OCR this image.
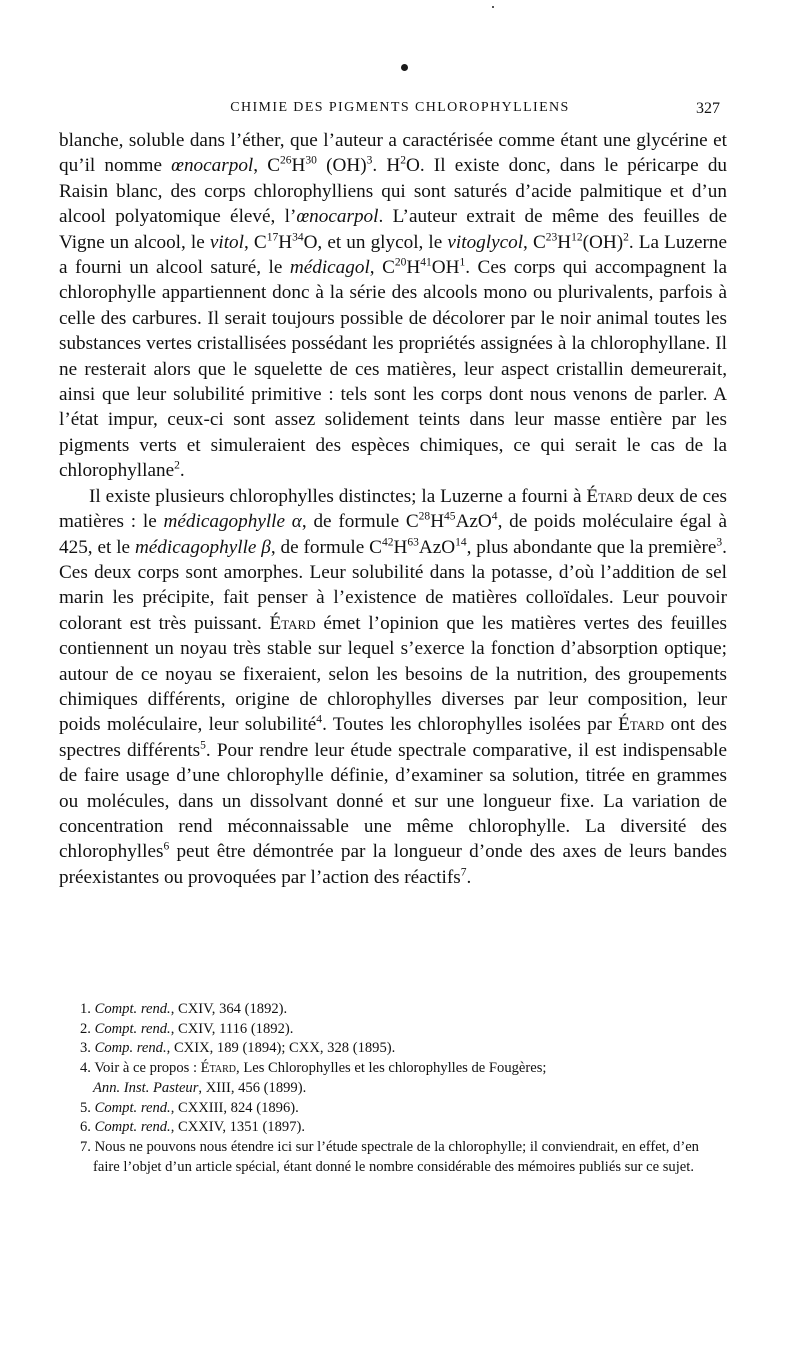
CHIMIE DES PIGMENTS CHLOROPHYLLIENS	327

blanche, soluble dans l’éther, que l’auteur a caractérisée comme étant une glycérine et qu’il nomme œnocarpol, $C^{26}H^{30}$ (OH)$^3$. $H^2O$. Il existe donc, dans le péricarpe du Raisin blanc, des corps chlorophylliens qui sont saturés d’acide palmitique et d’un alcool polyatomique élevé, l’œnocarpol. L’auteur extrait de même des feuilles de Vigne un alcool, le vitol, $C^{17}H^{34}O$, et un glycol, le vitoglycol, $C^{23}H^{12}(OH)^2$. La Luzerne a fourni un alcool saturé, le médicagol, $C^{20}H^{41}OH^1$. Ces corps qui accompagnent la chlorophylle appartiennent donc à la série des alcools mono ou plurivalents, parfois à celle des carbures. Il serait toujours possible de décolorer par le noir animal toutes les substances vertes cristallisées possédant les propriétés assignées à la chlorophyllane. Il ne resterait alors que le squelette de ces matières, leur aspect cristallin demeurerait, ainsi que leur solubilité primitive : tels sont les corps dont nous venons de parler. A l’état impur, ceux-ci sont assez solidement teints dans leur masse entière par les pigments verts et simuleraient des espèces chimiques, ce qui serait le cas de la chlorophyllane$^2$.

Il existe plusieurs chlorophylles distinctes; la Luzerne a fourni à Étard deux de ces matières : le médicagophylle α, de formule $C^{28}H^{45}AzO^4$, de poids moléculaire égal à 425, et le médicagophylle β, de formule $C^{42}H^{63}AzO^{14}$, plus abondante que la première$^3$. Ces deux corps sont amorphes. Leur solubilité dans la potasse, d’où l’addition de sel marin les précipite, fait penser à l’existence de matières colloïdales. Leur pouvoir colorant est très puissant. Étard émet l’opinion que les matières vertes des feuilles contiennent un noyau très stable sur lequel s’exerce la fonction d’absorption optique; autour de ce noyau se fixeraient, selon les besoins de la nutrition, des groupements chimiques différents, origine de chlorophylles diverses par leur composition, leur poids moléculaire, leur solubilité$^4$. Toutes les chlorophylles isolées par Étard ont des spectres différents$^5$. Pour rendre leur étude spectrale comparative, il est indispensable de faire usage d’une chlorophylle définie, d’examiner sa solution, titrée en grammes ou molécules, dans un dissolvant donné et sur une longueur fixe. La variation de concentration rend méconnaissable une même chlorophylle. La diversité des chlorophylles$^6$ peut être démontrée par la longueur d’onde des axes de leurs bandes préexistantes ou provoquées par l’action des réactifs$^7$.

1. Compt. rend., CXIV, 364 (1892).

2. Compt. rend., CXIV, 1116 (1892).

3. Comp. rend., CXIX, 189 (1894); CXX, 328 (1895).

4. Voir à ce propos : Étard, Les Chlorophylles et les chlorophylles de Fougères;
Ann. Inst. Pasteur, XIII, 456 (1899).

5. Compt. rend., CXXIII, 824 (1896).

6. Compt. rend., CXXIV, 1351 (1897).

7. Nous ne pouvons nous étendre ici sur l’étude spectrale de la chlorophylle; il conviendrait, en effet, d’en faire l’objet d’un article spécial, étant donné le nombre considérable des mémoires publiés sur ce sujet.
